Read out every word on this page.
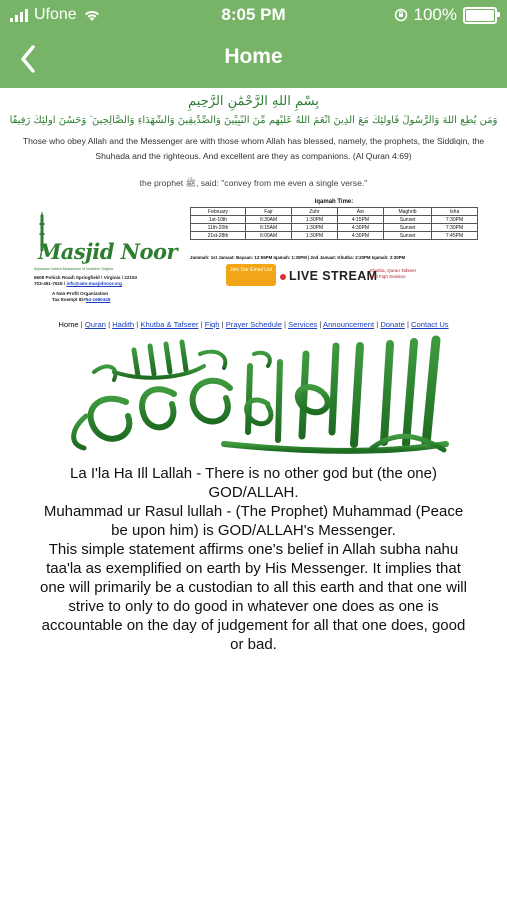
Ufone	8:05 PM	100%
Home
بِسْمِ اللهِ الرَّحْمَٰنِ الرَّحِيمِ
وَمَن يُطِعِ اللَّهَ وَالرَّسُولَ فَأُولَٰئِكَ مَعَ الَّذِينَ أَنْعَمَ اللَّهُ عَلَيْهِم مِّنَ النَّبِيِّينَ وَالصِّدِّيقِينَ وَالشُّهَدَاءِ وَالصَّالِحِينَ ۚ وَحَسُنَ أُولَٰئِكَ رَفِيقًا
Those who obey Allah and the Messenger are with those whom Allah has blessed, namely, the prophets, the Siddiqin, the Shuhada and the righteous. And excellent are they as companions. (Al Quran 4:69)
the prophet ﷺ, said: "convey from me even a single verse."
Masjid Noor
Anjumane Islahul Muslameen of Northern Virginia
6608 Pohick Road\ Springfield \ Virginia \ 22153
703-451-7615 \ info@aim-masjidnoor.org
A Non-Profit Organization
Tax Exempt ID#54-1680445
Iqamah Time:
February	Fajr	Zuhr	Asr	Maghrib	Isha
1st-10th	6:30AM	1:30PM	4:15PM	Sunset	7:30PM
11th-20th	6:15AM	1:30PM	4:30PM	Sunset	7:30PM
21st-28th	6:00AM	1:30PM	4:30PM	Sunset	7:45PM
Jummah: 1st Jamaat: Bayaan: 12:55PM Iqamah: 1:30PM | 2nd Jamaat: Khutba: 2:20PM Iqamah: 2:30PM
Join Our Email List	LIVE STREAM
Khutba, Quran Tafseer
and Fiqh Session
Home | Quran | Hadith | Khutba & Tafseer | Fiqh | Prayer Schedule | Services | Announcement | Donate | Contact Us
La I'la Ha Ill Lallah - There is no other god but (the one) GOD/ALLAH.
Muhammad ur Rasul lullah - (The Prophet) Muhammad (Peace be upon him) is GOD/ALLAH's Messenger.
This simple statement affirms one's belief in Allah subha nahu taa'la as exemplified on earth by His Messenger. It implies that one will primarily be a custodian to all this earth and that one will strive to only to do good in whatever one does as one is accountable on the day of judgement for all that one does, good or bad.
